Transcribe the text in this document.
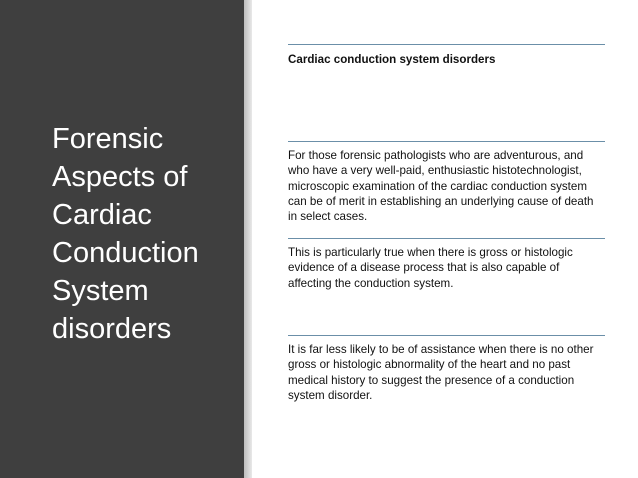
Forensic Aspects of Cardiac Conduction System disorders

Cardiac conduction system disorders

For those forensic pathologists who are adventurous, and who have a very well-paid, enthusiastic histotechnologist, microscopic examination of the cardiac conduction system can be of merit in establishing an underlying cause of death in select cases.

This is particularly true when there is gross or histologic evidence of a disease process that is also capable of affecting the conduction system.

It is far less likely to be of assistance when there is no other gross or histologic abnormality of the heart and no past medical history to suggest the presence of a conduction system disorder.
